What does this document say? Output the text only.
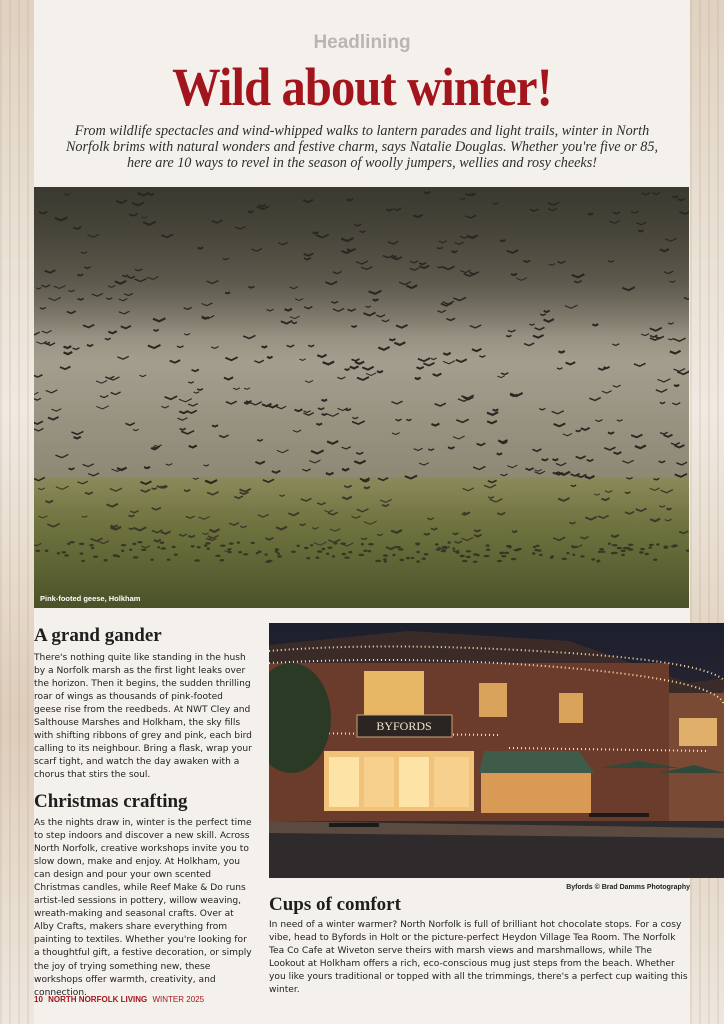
Headlining
Wild about winter!

From wildlife spectacles and wind-whipped walks to lantern parades and light trails, winter in North Norfolk brims with natural wonders and festive charm, says Natalie Douglas. Whether you're five or 85, here are 10 ways to revel in the season of woolly jumpers, wellies and rosy cheeks!

Pink-footed geese, Holkham
A grand gander

There's nothing quite like standing in the hush by a Norfolk marsh as the first light leaks over the horizon. Then it begins, the sudden thrilling roar of wings as thousands of pink-footed geese rise from the reedbeds. At NWT Cley and Salthouse Marshes and Holkham, the sky fills with shifting ribbons of grey and pink, each bird calling to its neighbour. Bring a flask, wrap your scarf tight, and watch the day awaken with a chorus that stirs the soul.

Christmas crafting

As the nights draw in, winter is the perfect time to step indoors and discover a new skill. Across North Norfolk, creative workshops invite you to slow down, make and enjoy. At Holkham, you can design and pour your own scented Christmas candles, while Reef Make & Do runs artist-led sessions in pottery, willow weaving, wreath-making and seasonal crafts. Over at Alby Crafts, makers share everything from painting to textiles. Whether you're looking for a thoughtful gift, a festive decoration, or simply the joy of trying something new, these workshops offer warmth, creativity, and connection.

BYFORDS
Byfords © Brad Damms Photography
Cups of comfort

In need of a winter warmer? North Norfolk is full of brilliant hot chocolate stops. For a cosy vibe, head to Byfords in Holt or the picture-perfect Heydon Village Tea Room. The Norfolk Tea Co Cafe at Wiveton serve theirs with marsh views and marshmallows, while The Lookout at Holkham offers a rich, eco-conscious mug just steps from the beach. Whether you like yours traditional or topped with all the trimmings, there's a perfect cup waiting this winter.

10 NORTH NORFOLK LIVING WINTER 2025
